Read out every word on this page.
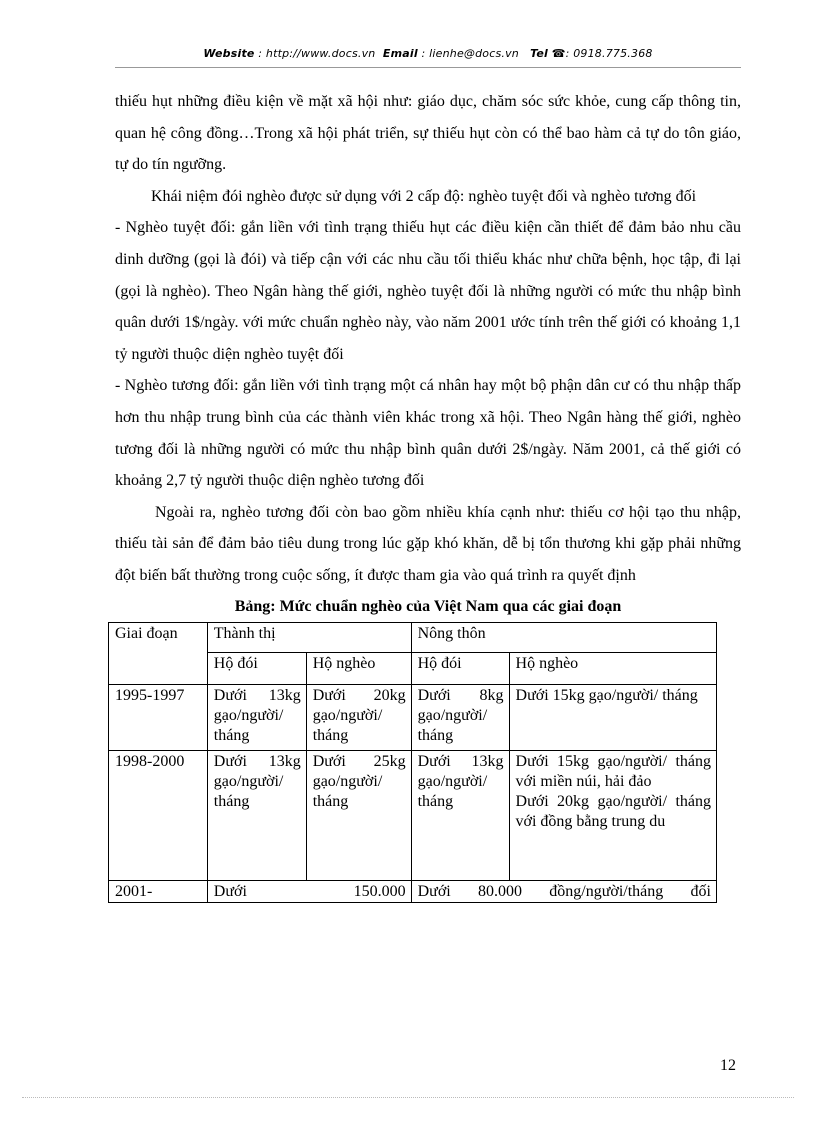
Website : http://www.docs.vn Email : lienhe@docs.vn Tel ☎: 0918.775.368

thiếu hụt những điều kiện về mặt xã hội như: giáo dục, chăm sóc sức khỏe, cung cấp thông tin, quan hệ công đồng…Trong xã hội phát triển, sự thiếu hụt còn có thể bao hàm cả tự do tôn giáo, tự do tín ngưỡng.

Khái niệm đói nghèo được sử dụng với 2 cấp độ: nghèo tuyệt đối và nghèo tương đối

- Nghèo tuyệt đối: gắn liền với tình trạng thiếu hụt các điều kiện cần thiết để đảm bảo nhu cầu dinh dưỡng (gọi là đói) và tiếp cận với các nhu cầu tối thiểu khác như chữa bệnh, học tập, đi lại (gọi là nghèo). Theo Ngân hàng thế giới, nghèo tuyệt đối là những người có mức thu nhập bình quân dưới 1$/ngày. với mức chuẩn nghèo này, vào năm 2001 ước tính trên thế giới có khoảng 1,1 tỷ người thuộc diện nghèo tuyệt đối

- Nghèo tương đối: gắn liền với tình trạng một cá nhân hay một bộ phận dân cư có thu nhập thấp hơn thu nhập trung bình của các thành viên khác trong xã hội. Theo Ngân hàng thế giới, nghèo tương đối là những người có mức thu nhập bình quân dưới 2$/ngày. Năm 2001, cả thế giới có khoảng 2,7 tỷ người thuộc diện nghèo tương đối

Ngoài ra, nghèo tương đối còn bao gồm nhiều khía cạnh như: thiếu cơ hội tạo thu nhập, thiếu tài sản để đảm bảo tiêu dung trong lúc gặp khó khăn, dễ bị tổn thương khi gặp phải những đột biến bất thường trong cuộc sống, ít được tham gia vào quá trình ra quyết định

Bảng: Mức chuẩn nghèo của Việt Nam qua các giai đoạn
Giai đoạn	Thành thị		Nông thôn	
	Hộ đói	Hộ nghèo	Hộ đói	Hộ nghèo
1995-1997	Dưới 13kg gạo/người/ tháng	Dưới 20kg gạo/người/ tháng	Dưới 8kg gạo/người/ tháng	Dưới 15kg gạo/người/ tháng
1998-2000	Dưới 13kg gạo/người/ tháng	Dưới 25kg gạo/người/ tháng	Dưới 13kg gạo/người/ tháng	Dưới 15kg gạo/người/ tháng với miền núi, hải đảo
Dưới 20kg gạo/người/ tháng với đồng bằng trung du

2001-	Dưới 150.000		Dưới 80.000 đồng/người/tháng đối	
12
